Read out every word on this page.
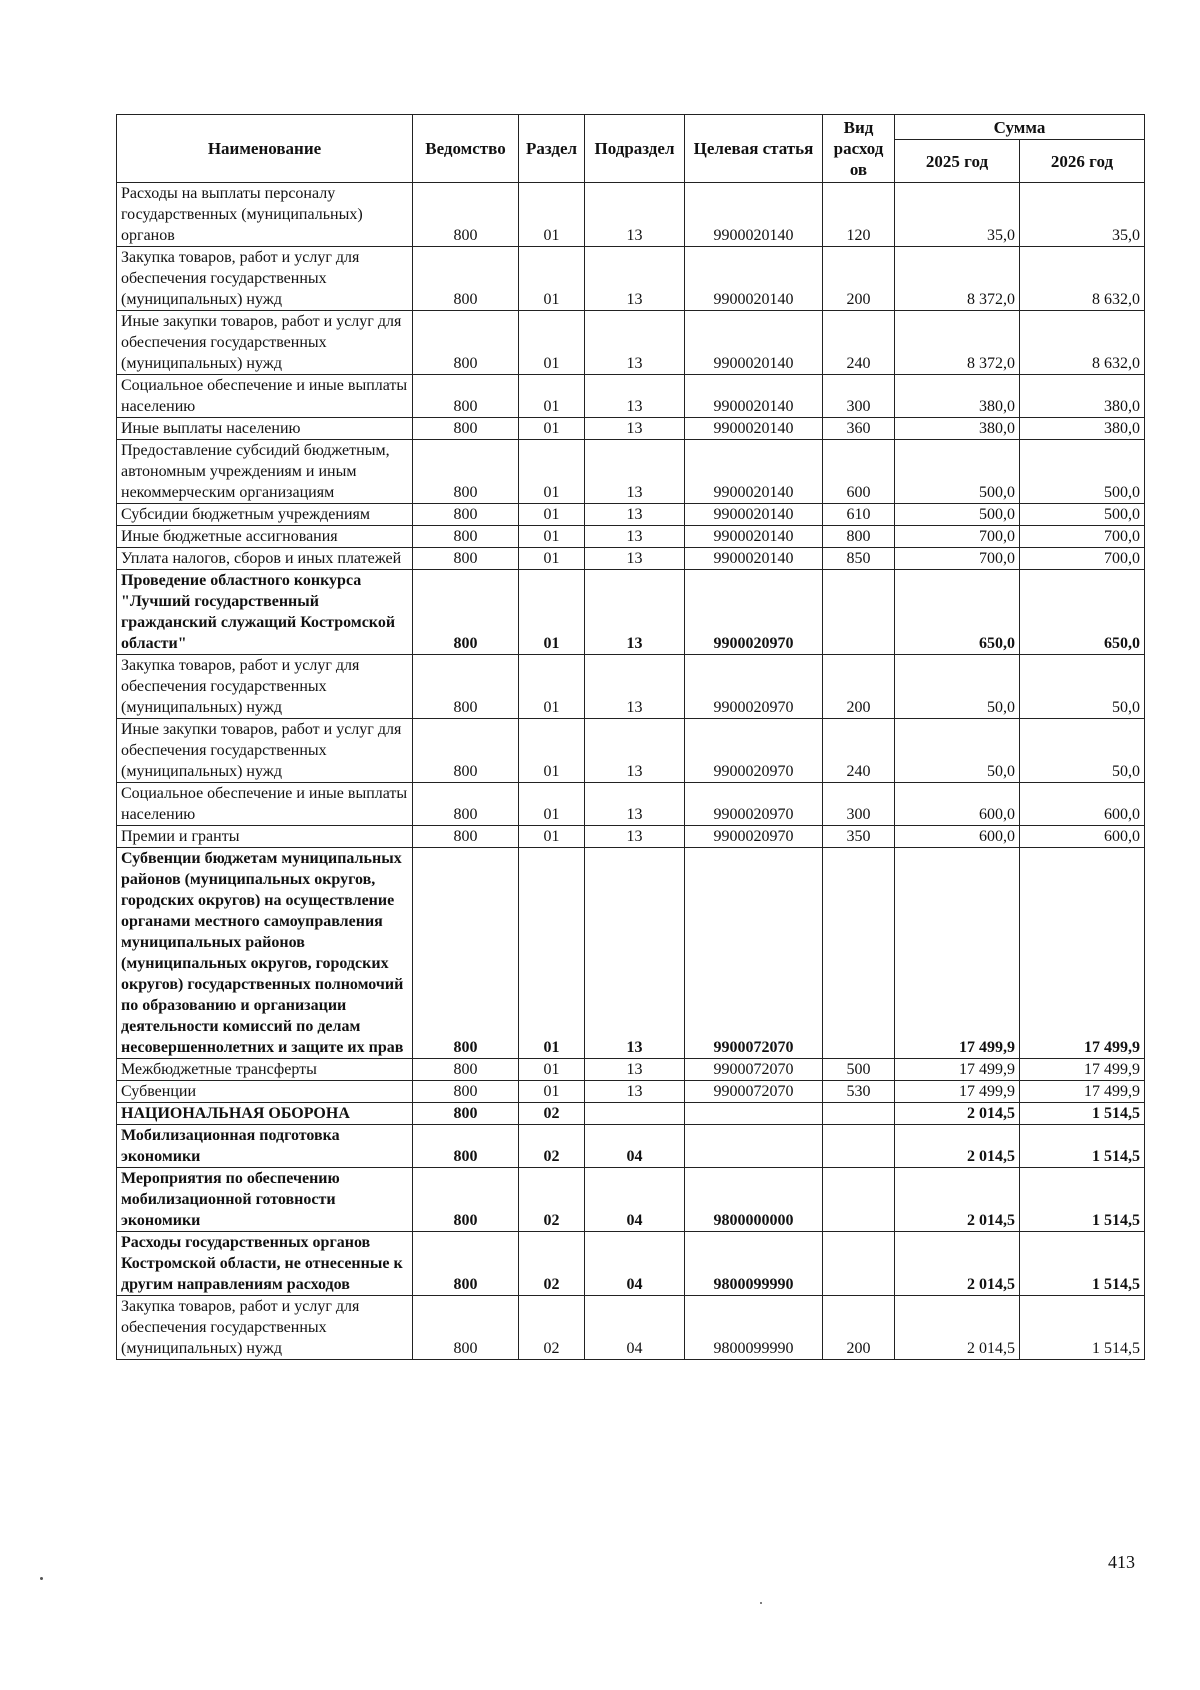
Наименование	Ведомство	Раздел	Подраздел	Целевая статья	Вид расход ов	Сумма	
						2025 год	2026 год
Расходы на выплаты персоналу государственных (муниципальных) органов	800	01	13	9900020140	120	35,0	35,0
Закупка товаров, работ и услуг для обеспечения государственных (муниципальных) нужд	800	01	13	9900020140	200	8 372,0	8 632,0
Иные закупки товаров, работ и услуг для обеспечения государственных (муниципальных) нужд	800	01	13	9900020140	240	8 372,0	8 632,0
Социальное обеспечение и иные выплаты населению	800	01	13	9900020140	300	380,0	380,0
Иные выплаты населению	800	01	13	9900020140	360	380,0	380,0
Предоставление субсидий бюджетным, автономным учреждениям и иным некоммерческим организациям	800	01	13	9900020140	600	500,0	500,0
Субсидии бюджетным учреждениям	800	01	13	9900020140	610	500,0	500,0
Иные бюджетные ассигнования	800	01	13	9900020140	800	700,0	700,0
Уплата налогов, сборов и иных платежей	800	01	13	9900020140	850	700,0	700,0
Проведение областного конкурса "Лучший государственный гражданский служащий Костромской области"	800	01	13	9900020970		650,0	650,0
Закупка товаров, работ и услуг для обеспечения государственных (муниципальных) нужд	800	01	13	9900020970	200	50,0	50,0
Иные закупки товаров, работ и услуг для обеспечения государственных (муниципальных) нужд	800	01	13	9900020970	240	50,0	50,0
Социальное обеспечение и иные выплаты населению	800	01	13	9900020970	300	600,0	600,0
Премии и гранты	800	01	13	9900020970	350	600,0	600,0
Субвенции бюджетам муниципальных районов (муниципальных округов, городских округов) на осуществление органами местного самоуправления муниципальных районов (муниципальных округов, городских округов) государственных полномочий по образованию и организации деятельности комиссий по делам несовершеннолетних и защите их прав	800	01	13	9900072070		17 499,9	17 499,9
Межбюджетные трансферты	800	01	13	9900072070	500	17 499,9	17 499,9
Субвенции	800	01	13	9900072070	530	17 499,9	17 499,9
НАЦИОНАЛЬНАЯ ОБОРОНА	800	02				2 014,5	1 514,5
Мобилизационная подготовка экономики	800	02	04			2 014,5	1 514,5
Мероприятия по обеспечению мобилизационной готовности экономики	800	02	04	9800000000		2 014,5	1 514,5
Расходы государственных органов Костромской области, не отнесенные к другим направлениям расходов	800	02	04	9800099990		2 014,5	1 514,5
Закупка товаров, работ и услуг для обеспечения государственных (муниципальных) нужд	800	02	04	9800099990	200	2 014,5	1 514,5
413
